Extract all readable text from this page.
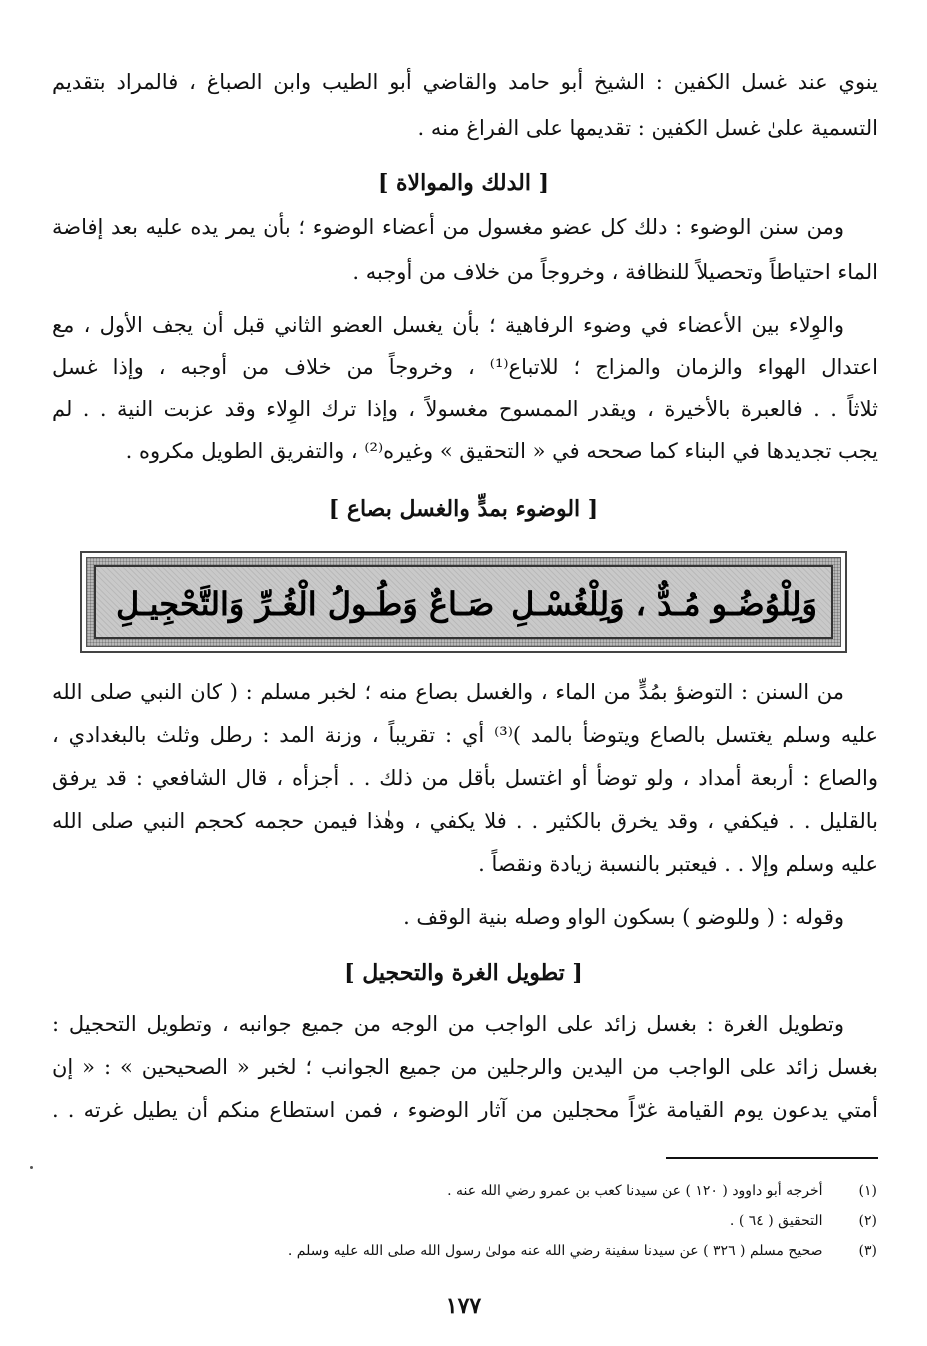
ينوي عند غسل الكفين : الشيخ أبو حامد والقاضي أبو الطيب وابن الصباغ ، فالمراد بتقديم
التسمية علىٰ غسل الكفين : تقديمها على الفراغ منه .
[ الدلك والموالاة ]
ومن سنن الوضوء : دلك كل عضو مغسول من أعضاء الوضوء ؛ بأن يمر يده عليه بعد إفاضة
الماء احتياطاً وتحصيلاً للنظافة ، وخروجاً من خلاف من أوجبه .
والوِلاء بين الأعضاء في وضوء الرفاهية ؛ بأن يغسل العضو الثاني قبل أن يجف الأول ، مع
اعتدال الهواء والزمان والمزاج ؛ للاتباع⁽¹⁾ ، وخروجاً من خلاف من أوجبه ، وإذا غسل
ثلاثاً . . فالعبرة بالأخيرة ، ويقدر الممسوح مغسولاً ، وإذا ترك الوِلاء وقد عزبت النية . . لم
يجب تجديدها في البناء كما صححه في « التحقيق » وغيره⁽²⁾ ، والتفريق الطويل مكروه .
[ الوضوء بمدٍّ والغسل بصاع ]
وَلِلْوُضُـو مُـدٌّ ، وَلِلْغُسْـلِ
صَـاعٌ وَطُـولُ الْغُـرِّ وَالتَّحْجِيـلِ
من السنن : التوضؤ بمُدٍّ من الماء ، والغسل بصاع منه ؛ لخبر مسلم : ( كان النبي صلى الله
عليه وسلم يغتسل بالصاع ويتوضأ بالمد )⁽³⁾ أي : تقريباً ، وزنة المد : رطل وثلث بالبغدادي ،
والصاع : أربعة أمداد ، ولو توضأ أو اغتسل بأقل من ذلك . . أجزأه ، قال الشافعي : قد يرفق
بالقليل . . فيكفي ، وقد يخرق بالكثير . . فلا يكفي ، وهٰذا فيمن حجمه كحجم النبي صلى الله
عليه وسلم وإلا . . فيعتبر بالنسبة زيادة ونقصاً .
وقوله : ( وللوضو ) بسكون الواو وصله بنية الوقف .
[ تطويل الغرة والتحجيل ]
وتطويل الغرة : بغسل زائد على الواجب من الوجه من جميع جوانبه ، وتطويل التحجيل :
بغسل زائد على الواجب من اليدين والرجلين من جميع الجوانب ؛ لخبر « الصحيحين » : « إن
أمتي يدعون يوم القيامة غرّاً محجلين من آثار الوضوء ، فمن استطاع منكم أن يطيل غرته . .
(١) أخرجه أبو داوود ( ١٢٠ ) عن سيدنا كعب بن عمرو رضي الله عنه .
(٢) التحقيق ( ٦٤ ) .
(٣) صحيح مسلم ( ٣٢٦ ) عن سيدنا سفينة رضي الله عنه مولىٰ رسول الله صلى الله عليه وسلم .
١٧٧
